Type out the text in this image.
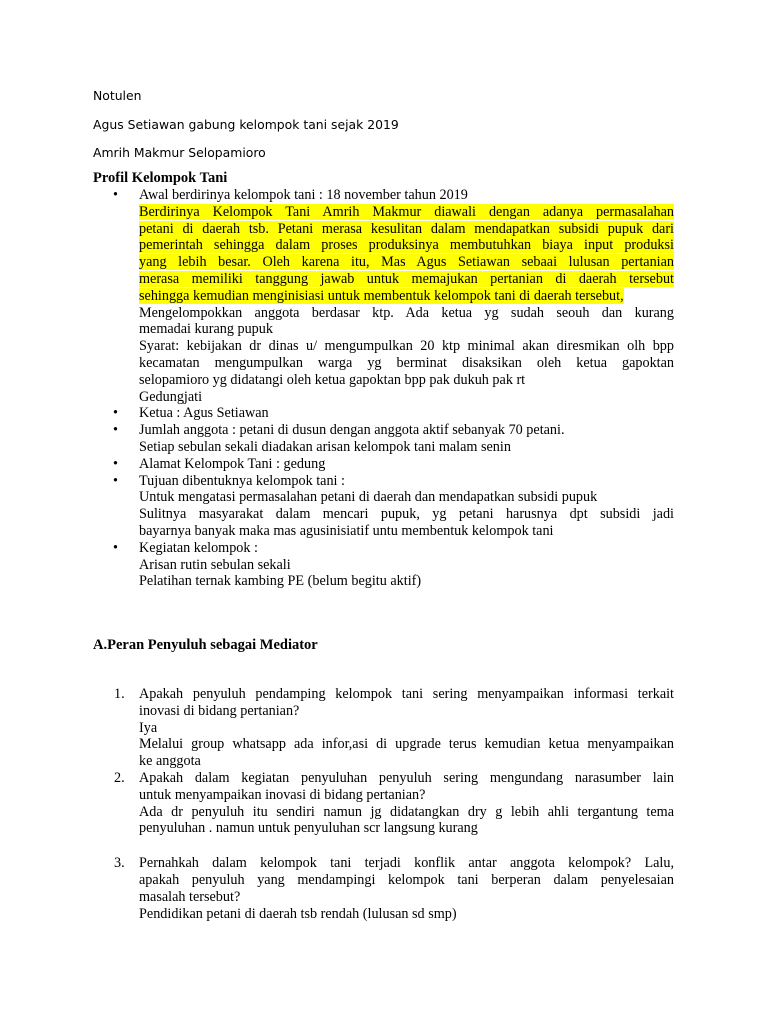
Notulen

Agus Setiawan gabung kelompok tani sejak 2019

Amrih Makmur Selopamioro

Profil Kelompok Tani

•	Awal berdirinya kelompok tani : 18 november tahun 2019
Berdirinya Kelompok Tani Amrih Makmur diawali dengan adanya permasalahan
petani di daerah tsb. Petani merasa kesulitan dalam mendapatkan subsidi pupuk dari
pemerintah sehingga dalam proses produksinya membutuhkan biaya input produksi
yang lebih besar. Oleh karena itu, Mas Agus Setiawan sebaai lulusan pertanian
merasa memiliki tanggung jawab untuk memajukan pertanian di daerah tersebut
sehingga kemudian menginisiasi untuk membentuk kelompok tani di daerah tersebut,
Mengelompokkan anggota berdasar ktp. Ada ketua yg sudah seouh dan kurang
memadai kurang pupuk
Syarat: kebijakan dr dinas u/ mengumpulkan 20 ktp minimal akan diresmikan olh bpp
kecamatan mengumpulkan warga yg berminat disaksikan oleh ketua gapoktan
selopamioro yg didatangi oleh ketua gapoktan bpp pak dukuh pak rt
Gedungjati
•	Ketua : Agus Setiawan
•	Jumlah anggota : petani di dusun dengan anggota aktif sebanyak 70 petani.
Setiap sebulan sekali diadakan arisan kelompok tani malam senin
•	Alamat Kelompok Tani : gedung
•	Tujuan dibentuknya kelompok tani :
Untuk mengatasi permasalahan petani di daerah dan mendapatkan subsidi pupuk
Sulitnya masyarakat dalam mencari pupuk, yg petani harusnya dpt subsidi jadi
bayarnya banyak maka mas agusinisiatif untu membentuk kelompok tani
•	Kegiatan kelompok :
Arisan rutin sebulan sekali
Pelatihan ternak kambing PE (belum begitu aktif)

A.Peran Penyuluh sebagai Mediator

1. Apakah penyuluh pendamping kelompok tani sering menyampaikan informasi terkait
inovasi di bidang pertanian?
Iya
Melalui group whatsapp ada infor,asi di upgrade terus kemudian ketua menyampaikan
ke anggota
2. Apakah dalam kegiatan penyuluhan penyuluh sering mengundang narasumber lain
untuk menyampaikan inovasi di bidang pertanian?
Ada dr penyuluh itu sendiri namun jg didatangkan dry g lebih ahli tergantung tema
penyuluhan . namun untuk penyuluhan scr langsung kurang
3. Pernahkah dalam kelompok tani terjadi konflik antar anggota kelompok? Lalu,
apakah penyuluh yang mendampingi kelompok tani berperan dalam penyelesaian
masalah tersebut?
Pendidikan petani di daerah tsb rendah (lulusan sd smp)
